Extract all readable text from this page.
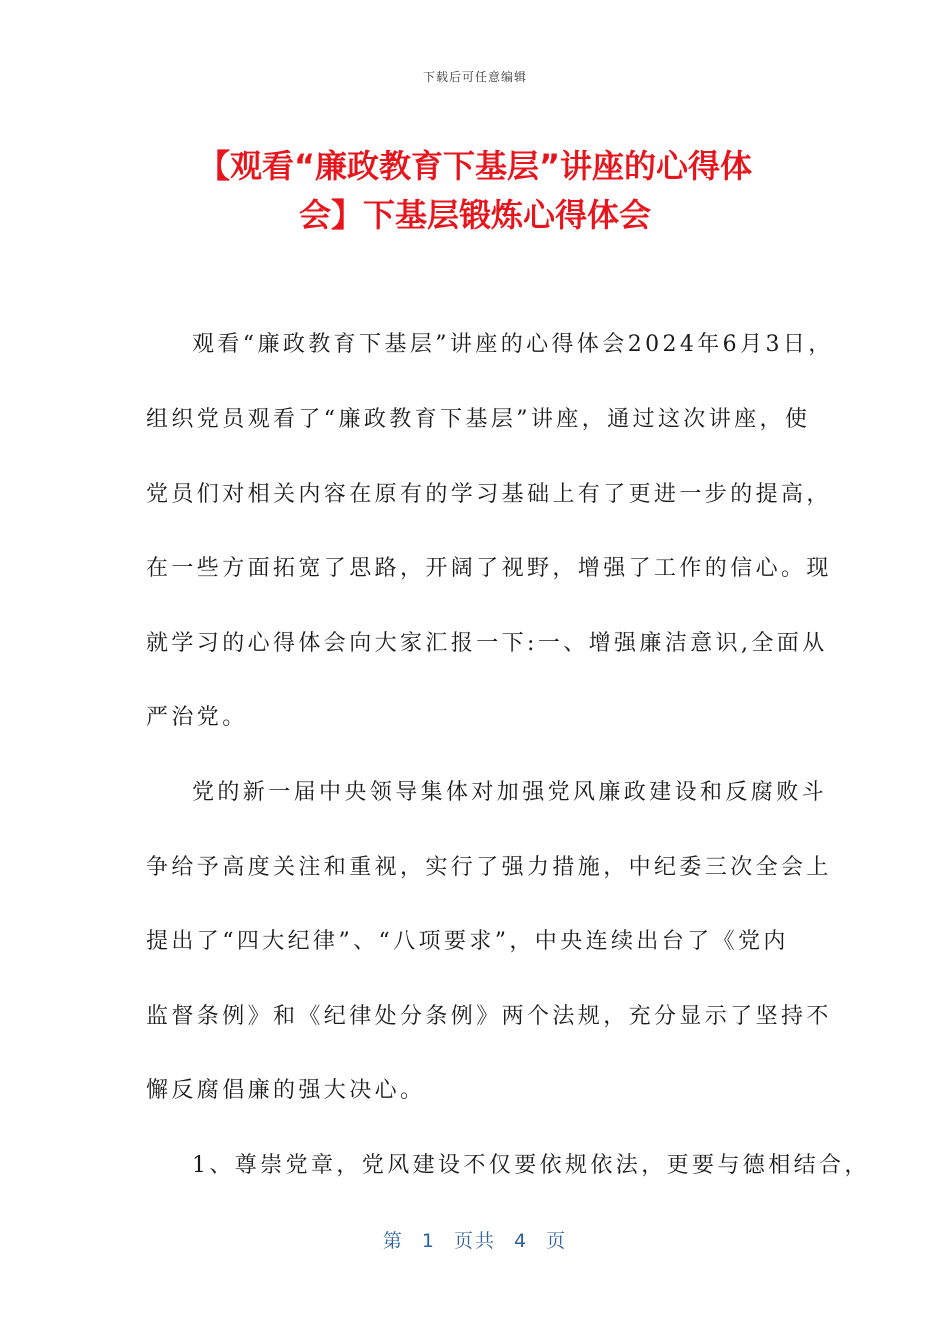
下载后可任意编辑
【观看“廉政教育下基层”讲座的心得体
会】下基层锻炼心得体会
观看“廉政教育下基层”讲座的心得体会2024年6月3日，
组织党员观看了“廉政教育下基层”讲座，通过这次讲座，使
党员们对相关内容在原有的学习基础上有了更进一步的提高，
在一些方面拓宽了思路，开阔了视野，增强了工作的信心。现
就学习的心得体会向大家汇报一下:一、增强廉洁意识,全面从
严治党。
党的新一届中央领导集体对加强党风廉政建设和反腐败斗
争给予高度关注和重视，实行了强力措施，中纪委三次全会上
提出了“四大纪律”、“八项要求”，中央连续出台了《党内
监督条例》和《纪律处分条例》两个法规，充分显示了坚持不
懈反腐倡廉的强大决心。
1、尊崇党章，党风建设不仅要依规依法，更要与德相结合，
第 1 页共 4 页
